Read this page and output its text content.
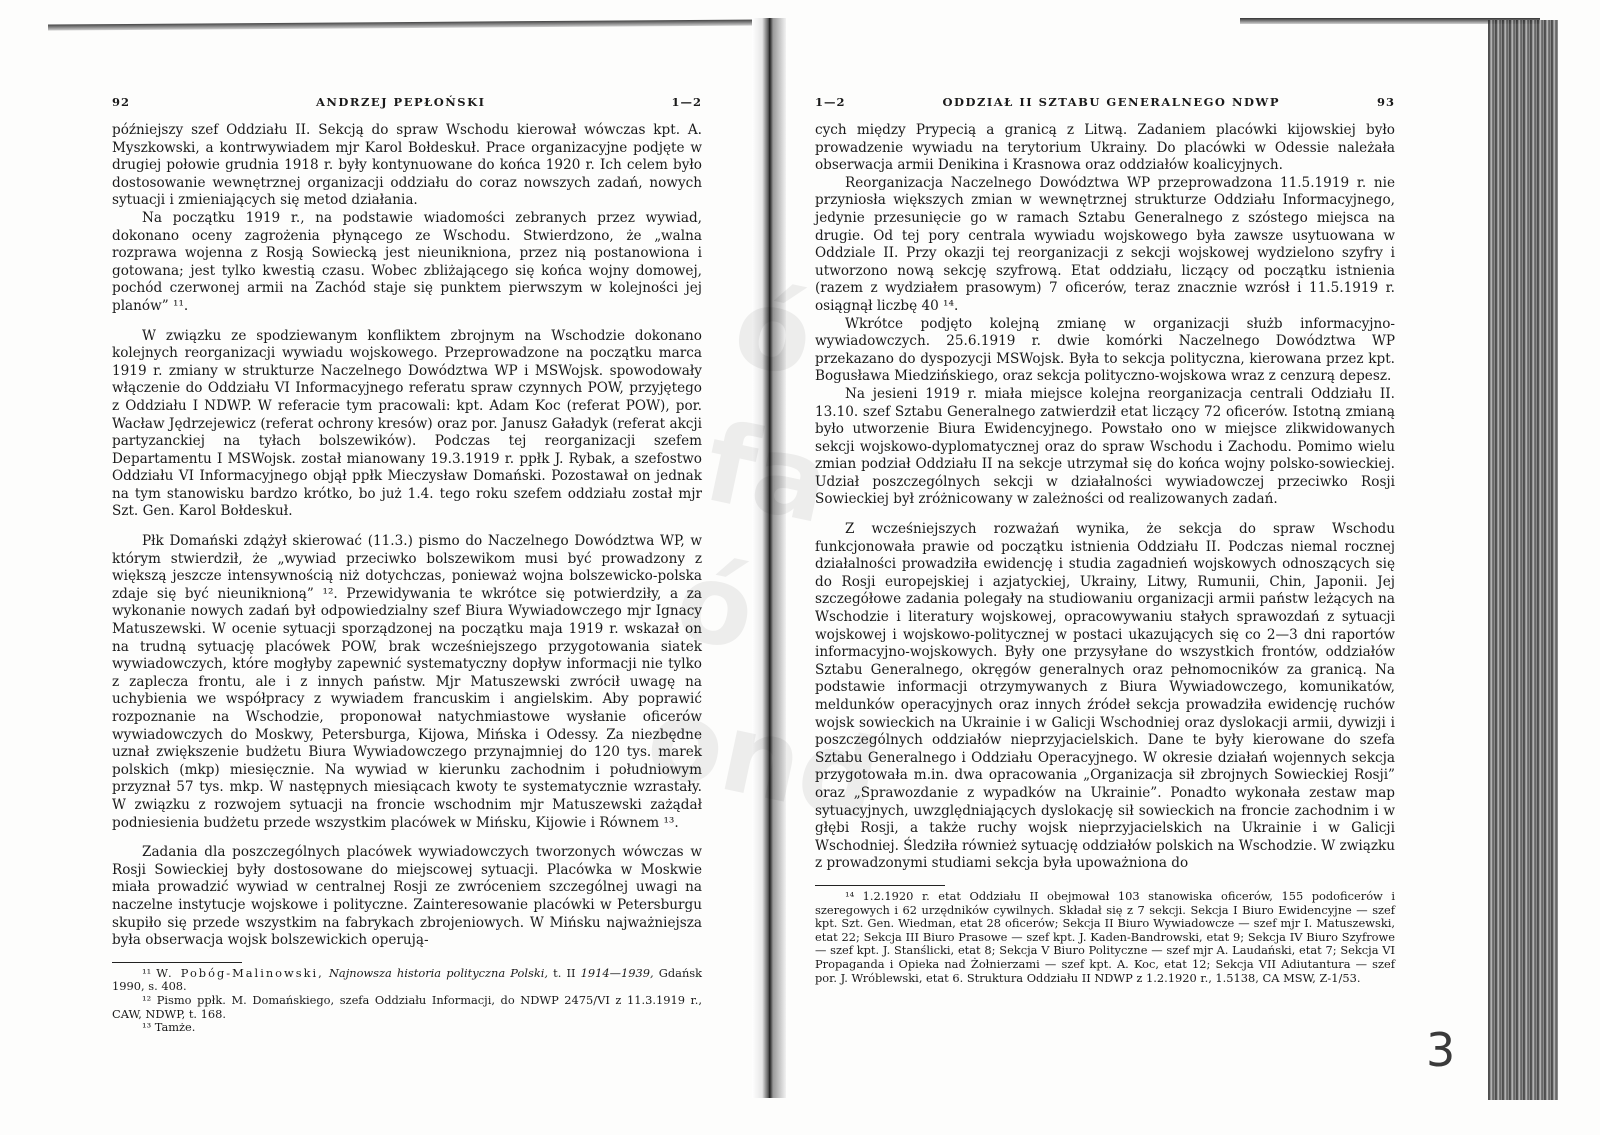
92	ANDRZEJ PEPŁOŃSKI	1—2

późniejszy szef Oddziału II. Sekcją do spraw Wschodu kierował wówczas kpt. A. Myszkowski, a kontrwywiadem mjr Karol Bołdeskuł. Prace organizacyjne podjęte w drugiej połowie grudnia 1918 r. były kontynuowane do końca 1920 r. Ich celem było dostosowanie wewnętrznej organizacji oddziału do coraz nowszych zadań, nowych sytuacji i zmieniających się metod działania.

Na początku 1919 r., na podstawie wiadomości zebranych przez wywiad, dokonano oceny zagrożenia płynącego ze Wschodu. Stwierdzono, że „walna rozprawa wojenna z Rosją Sowiecką jest nieunikniona, przez nią postanowiona i gotowana; jest tylko kwestią czasu. Wobec zbliżającego się końca wojny domowej, pochód czerwonej armii na Zachód staje się punktem pierwszym w kolejności jej planów” ¹¹.

W związku ze spodziewanym konfliktem zbrojnym na Wschodzie dokonano kolejnych reorganizacji wywiadu wojskowego. Przeprowadzone na początku marca 1919 r. zmiany w strukturze Naczelnego Dowództwa WP i MSWojsk. spowodowały włączenie do Oddziału VI Informacyjnego referatu spraw czynnych POW, przyjętego z Oddziału I NDWP. W referacie tym pracowali: kpt. Adam Koc (referat POW), por. Wacław Jędrzejewicz (referat ochrony kresów) oraz por. Janusz Gaładyk (referat akcji partyzanckiej na tyłach bolszewików). Podczas tej reorganizacji szefem Departamentu I MSWojsk. został mianowany 19.3.1919 r. ppłk J. Rybak, a szefostwo Oddziału VI Informacyjnego objął ppłk Mieczysław Domański. Pozostawał on jednak na tym stanowisku bardzo krótko, bo już 1.4. tego roku szefem oddziału został mjr Szt. Gen. Karol Bołdeskuł.

Płk Domański zdążył skierować (11.3.) pismo do Naczelnego Dowództwa WP, w którym stwierdził, że „wywiad przeciwko bolszewikom musi być prowadzony z większą jeszcze intensywnością niż dotychczas, ponieważ wojna bolszewicko-polska zdaje się być nieuniknioną” ¹². Przewidywania te wkrótce się potwierdziły, a za wykonanie nowych zadań był odpowiedzialny szef Biura Wywiadowczego mjr Ignacy Matuszewski. W ocenie sytuacji sporządzonej na początku maja 1919 r. wskazał on na trudną sytuację placówek POW, brak wcześniejszego przygotowania siatek wywiadowczych, które mogłyby zapewnić systematyczny dopływ informacji nie tylko z zaplecza frontu, ale i z innych państw. Mjr Matuszewski zwrócił uwagę na uchybienia we współpracy z wywiadem francuskim i angielskim. Aby poprawić rozpoznanie na Wschodzie, proponował natychmiastowe wysłanie oficerów wywiadowczych do Moskwy, Petersburga, Kijowa, Mińska i Odessy. Za niezbędne uznał zwiększenie budżetu Biura Wywiadowczego przynajmniej do 120 tys. marek polskich (mkp) miesięcznie. Na wywiad w kierunku zachodnim i południowym przyznał 57 tys. mkp. W następnych miesiącach kwoty te systematycznie wzrastały. W związku z rozwojem sytuacji na froncie wschodnim mjr Matuszewski zażądał podniesienia budżetu przede wszystkim placówek w Mińsku, Kijowie i Równem ¹³.

Zadania dla poszczególnych placówek wywiadowczych tworzonych wówczas w Rosji Sowieckiej były dostosowane do miejscowej sytuacji. Placówka w Moskwie miała prowadzić wywiad w centralnej Rosji ze zwróceniem szczególnej uwagi na naczelne instytucje wojskowe i polityczne. Zainteresowanie placówki w Petersburgu skupiło się przede wszystkim na fabrykach zbrojeniowych. W Mińsku najważniejsza była obserwacja wojsk bolszewickich operują-

¹¹ W. Pobóg-Malinowski, Najnowsza historia polityczna Polski, t. II 1914—1939, Gdańsk 1990, s. 408.

¹² Pismo ppłk. M. Domańskiego, szefa Oddziału Informacji, do NDWP 2475/VI z 11.3.1919 r., CAW, NDWP, t. 168.

¹³ Tamże.

1—2	ODDZIAŁ II SZTABU GENERALNEGO NDWP	93

cych między Prypecią a granicą z Litwą. Zadaniem placówki kijowskiej było prowadzenie wywiadu na terytorium Ukrainy. Do placówki w Odessie należała obserwacja armii Denikina i Krasnowa oraz oddziałów koalicyjnych.

Reorganizacja Naczelnego Dowództwa WP przeprowadzona 11.5.1919 r. nie przyniosła większych zmian w wewnętrznej strukturze Oddziału Informacyjnego, jedynie przesunięcie go w ramach Sztabu Generalnego z szóstego miejsca na drugie. Od tej pory centrala wywiadu wojskowego była zawsze usytuowana w Oddziale II. Przy okazji tej reorganizacji z sekcji wojskowej wydzielono szyfry i utworzono nową sekcję szyfrową. Etat oddziału, liczący od początku istnienia (razem z wydziałem prasowym) 7 oficerów, teraz znacznie wzrósł i 11.5.1919 r. osiągnął liczbę 40 ¹⁴.

Wkrótce podjęto kolejną zmianę w organizacji służb informacyjno-wywiadowczych. 25.6.1919 r. dwie komórki Naczelnego Dowództwa WP przekazano do dyspozycji MSWojsk. Była to sekcja polityczna, kierowana przez kpt. Bogusława Miedzińskiego, oraz sekcja polityczno-wojskowa wraz z cenzurą depesz.

Na jesieni 1919 r. miała miejsce kolejna reorganizacja centrali Oddziału II. 13.10. szef Sztabu Generalnego zatwierdził etat liczący 72 oficerów. Istotną zmianą było utworzenie Biura Ewidencyjnego. Powstało ono w miejsce zlikwidowanych sekcji wojskowo-dyplomatycznej oraz do spraw Wschodu i Zachodu. Pomimo wielu zmian podział Oddziału II na sekcje utrzymał się do końca wojny polsko-sowieckiej. Udział poszczególnych sekcji w działalności wywiadowczej przeciwko Rosji Sowieckiej był zróżnicowany w zależności od realizowanych zadań.

Z wcześniejszych rozważań wynika, że sekcja do spraw Wschodu funkcjonowała prawie od początku istnienia Oddziału II. Podczas niemal rocznej działalności prowadziła ewidencję i studia zagadnień wojskowych odnoszących się do Rosji europejskiej i azjatyckiej, Ukrainy, Litwy, Rumunii, Chin, Japonii. Jej szczegółowe zadania polegały na studiowaniu organizacji armii państw leżących na Wschodzie i literatury wojskowej, opracowywaniu stałych sprawozdań z sytuacji wojskowej i wojskowo-politycznej w postaci ukazujących się co 2—3 dni raportów informacyjno-wojskowych. Były one przysyłane do wszystkich frontów, oddziałów Sztabu Generalnego, okręgów generalnych oraz pełnomocników za granicą. Na podstawie informacji otrzymywanych z Biura Wywiadowczego, komunikatów, meldunków operacyjnych oraz innych źródeł sekcja prowadziła ewidencję ruchów wojsk sowieckich na Ukrainie i w Galicji Wschodniej oraz dyslokacji armii, dywizji i poszczególnych oddziałów nieprzyjacielskich. Dane te były kierowane do szefa Sztabu Generalnego i Oddziału Operacyjnego. W okresie działań wojennych sekcja przygotowała m.in. dwa opracowania „Organizacja sił zbrojnych Sowieckiej Rosji” oraz „Sprawozdanie z wypadków na Ukrainie”. Ponadto wykonała zestaw map sytuacyjnych, uwzględniających dyslokację sił sowieckich na froncie zachodnim i w głębi Rosji, a także ruchy wojsk nieprzyjacielskich na Ukrainie i w Galicji Wschodniej. Śledziła również sytuację oddziałów polskich na Wschodzie. W związku z prowadzonymi studiami sekcja była upoważniona do

¹⁴ 1.2.1920 r. etat Oddziału II obejmował 103 stanowiska oficerów, 155 podoficerów i szeregowych i 62 urzędników cywilnych. Składał się z 7 sekcji. Sekcja I Biuro Ewidencyjne — szef kpt. Szt. Gen. Wiedman, etat 28 oficerów; Sekcja II Biuro Wywiadowcze — szef mjr I. Matuszewski, etat 22; Sekcja III Biuro Prasowe — szef kpt. J. Kaden-Bandrowski, etat 9; Sekcja IV Biuro Szyfrowe — szef kpt. J. Stanślicki, etat 8; Sekcja V Biuro Polityczne — szef mjr A. Laudański, etat 7; Sekcja VI Propaganda i Opieka nad Żołnierzami — szef kpt. A. Koc, etat 12; Sekcja VII Adiutantura — szef por. J. Wróblewski, etat 6. Struktura Oddziału II NDWP z 1.2.1920 r., 1.5138, CA MSW, Z-1/53.

ó

3
